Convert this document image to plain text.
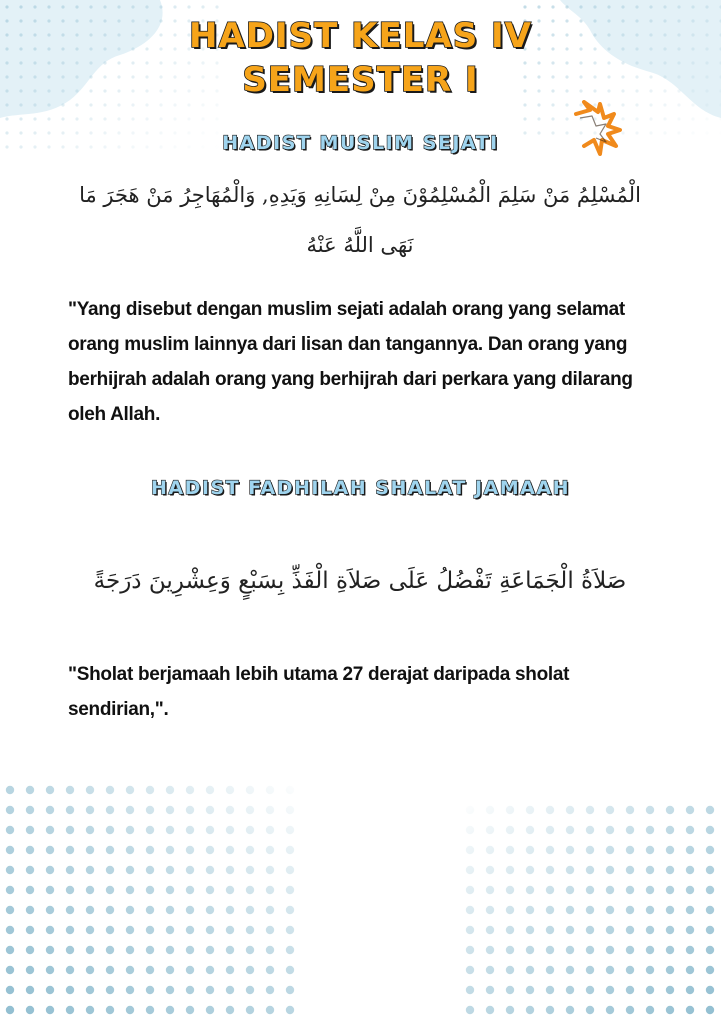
HADIST KELAS IV
SEMESTER I
HADIST MUSLIM SEJATI
الْمُسْلِمُ مَنْ سَلِمَ الْمُسْلِمُوْنَ مِنْ لِسَانِهِ وَيَدِهِ, وَالْمُهَاجِرُ مَنْ هَجَرَ مَا نَهَى اللَّهُ عَنْهُ
"Yang disebut dengan muslim sejati adalah orang yang selamat orang muslim lainnya dari lisan dan tangannya. Dan orang yang berhijrah adalah orang yang berhijrah dari perkara yang dilarang oleh Allah.
HADIST FADHILAH SHALAT JAMAAH
صَلاَةُ الْجَمَاعَةِ تَفْضُلُ عَلَى صَلاَةِ الْفَذِّ بِسَبْعٍ وَعِشْرِينَ دَرَجَةً
"Sholat berjamaah lebih utama 27 derajat daripada sholat sendirian,".
